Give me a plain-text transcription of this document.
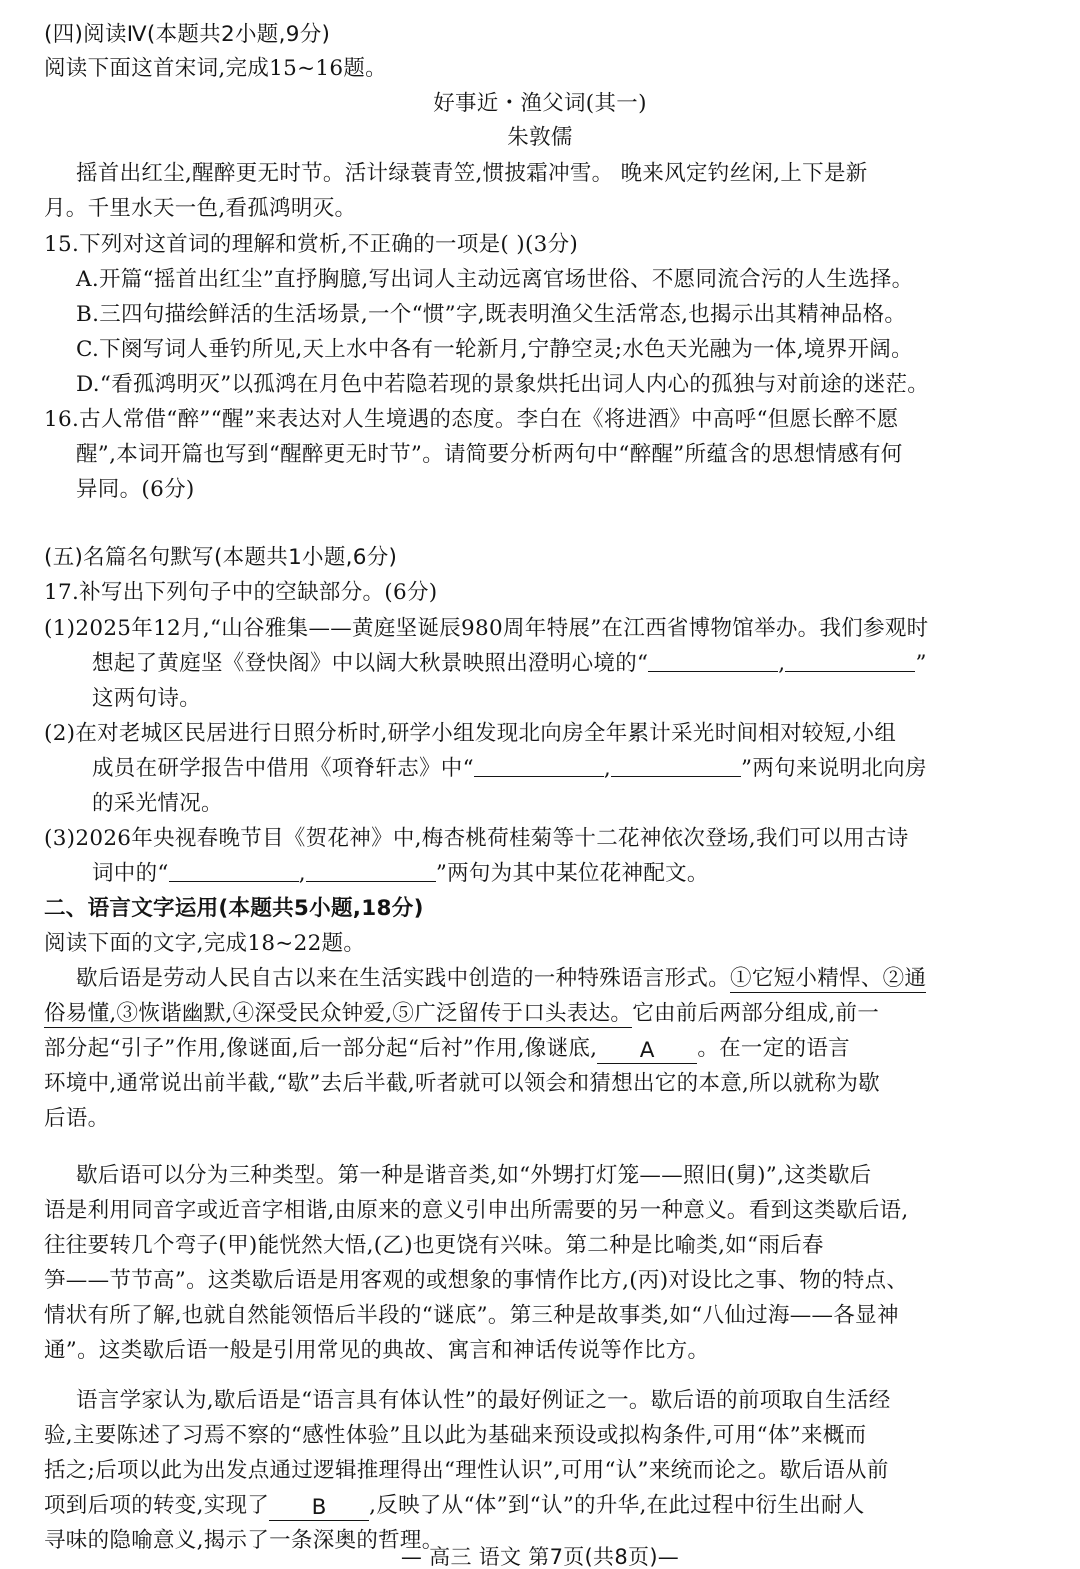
(四)阅读Ⅳ(本题共2小题,9分)
阅读下面这首宋词,完成15~16题。
好事近・渔父词(其一)
朱敦儒
摇首出红尘,醒醉更无时节。活计绿蓑青笠,惯披霜冲雪。 晚来风定钓丝闲,上下是新
月。千里水天一色,看孤鸿明灭。
15.下列对这首词的理解和赏析,不正确的一项是( )(3分)
A.开篇“摇首出红尘”直抒胸臆,写出词人主动远离官场世俗、不愿同流合污的人生选择。
B.三四句描绘鲜活的生活场景,一个“惯”字,既表明渔父生活常态,也揭示出其精神品格。
C.下阕写词人垂钓所见,天上水中各有一轮新月,宁静空灵;水色天光融为一体,境界开阔。
D.“看孤鸿明灭”以孤鸿在月色中若隐若现的景象烘托出词人内心的孤独与对前途的迷茫。
16.古人常借“醉”“醒”来表达对人生境遇的态度。李白在《将进酒》中高呼“但愿长醉不愿
醒”,本词开篇也写到“醒醉更无时节”。请简要分析两句中“醉醒”所蕴含的思想情感有何
异同。(6分)
(五)名篇名句默写(本题共1小题,6分)
17.补写出下列句子中的空缺部分。(6分)
(1)2025年12月,“山谷雅集——黄庭坚诞辰980周年特展”在江西省博物馆举办。我们参观时
想起了黄庭坚《登快阁》中以阔大秋景映照出澄明心境的“	,	”
这两句诗。
(2)在对老城区民居进行日照分析时,研学小组发现北向房全年累计采光时间相对较短,小组
成员在研学报告中借用《项脊轩志》中“	,	”两句来说明北向房
的采光情况。
(3)2026年央视春晚节目《贺花神》中,梅杏桃荷桂菊等十二花神依次登场,我们可以用古诗
词中的“	,	”两句为其中某位花神配文。
二、语言文字运用(本题共5小题,18分)
阅读下面的文字,完成18~22题。
歇后语是劳动人民自古以来在生活实践中创造的一种特殊语言形式。①它短小精悍、②通
俗易懂,③恢谐幽默,④深受民众钟爱,⑤广泛留传于口头表达。它由前后两部分组成,前一
部分起“引子”作用,像谜面,后一部分起“后衬”作用,像谜底, A 。在一定的语言
环境中,通常说出前半截,“歇”去后半截,听者就可以领会和猜想出它的本意,所以就称为歇
后语。
歇后语可以分为三种类型。第一种是谐音类,如“外甥打灯笼——照旧(舅)”,这类歇后
语是利用同音字或近音字相谐,由原来的意义引申出所需要的另一种意义。看到这类歇后语,
往往要转几个弯子(甲)能恍然大悟,(乙)也更饶有兴味。第二种是比喻类,如“雨后春
笋——节节高”。这类歇后语是用客观的或想象的事情作比方,(丙)对设比之事、物的特点、
情状有所了解,也就自然能领悟后半段的“谜底”。第三种是故事类,如“八仙过海——各显神
通”。这类歇后语一般是引用常见的典故、寓言和神话传说等作比方。
语言学家认为,歇后语是“语言具有体认性”的最好例证之一。歇后语的前项取自生活经
验,主要陈述了习焉不察的“感性体验”且以此为基础来预设或拟构条件,可用“体”来概而
括之;后项以此为出发点通过逻辑推理得出“理性认识”,可用“认”来统而论之。歇后语从前
项到后项的转变,实现了 B ,反映了从“体”到“认”的升华,在此过程中衍生出耐人
寻味的隐喻意义,揭示了一条深奥的哲理。
— 高三 语文 第7页(共8页)—
